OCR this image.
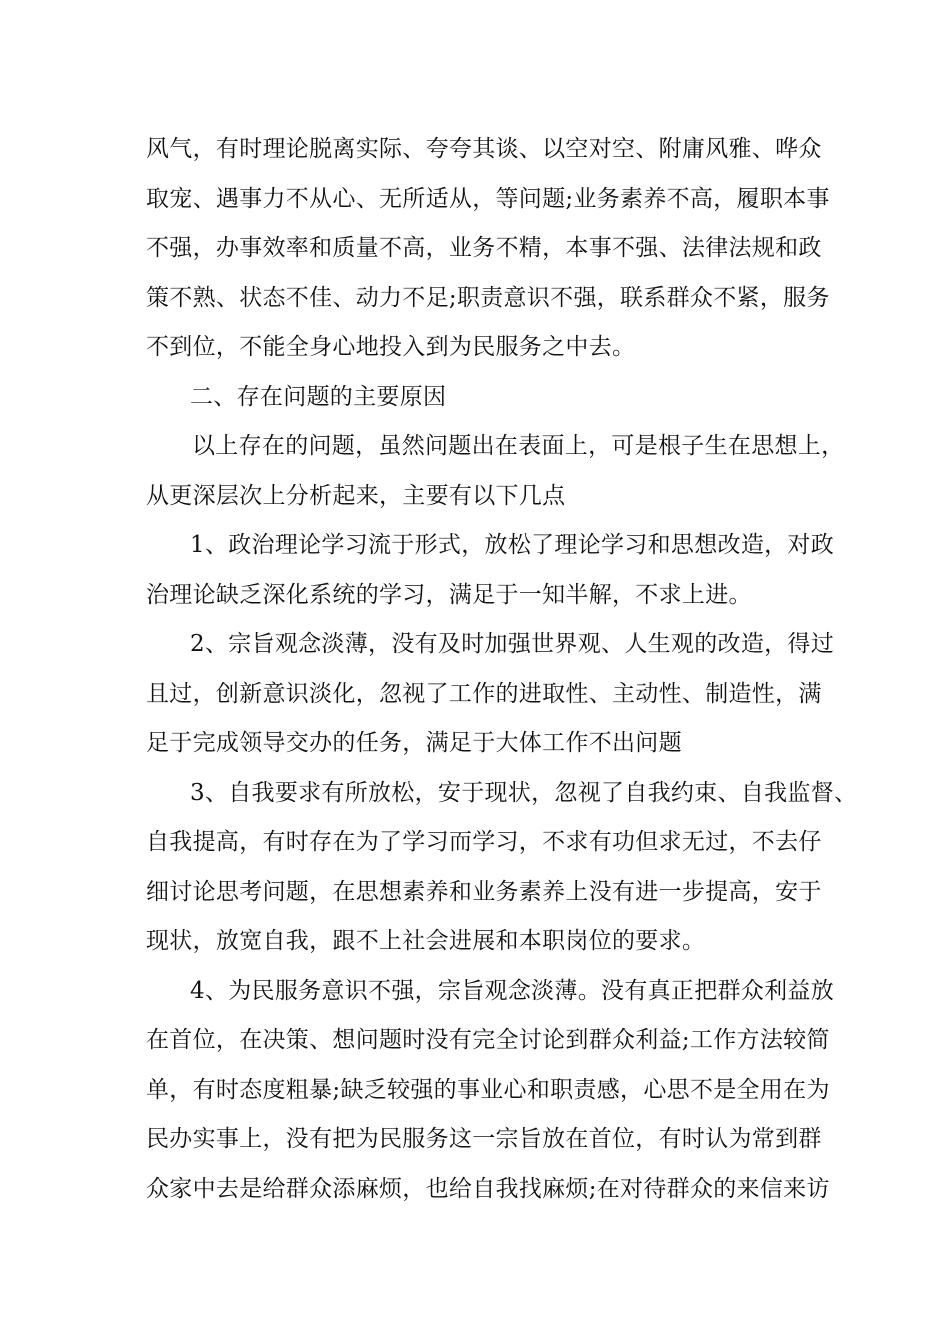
风气，有时理论脱离实际、夸夸其谈、以空对空、附庸风雅、哗众
取宠、遇事力不从心、无所适从，等问题;业务素养不高，履职本事
不强，办事效率和质量不高，业务不精，本事不强、法律法规和政
策不熟、状态不佳、动力不足;职责意识不强，联系群众不紧，服务
不到位，不能全身心地投入到为民服务之中去。
二、存在问题的主要原因
以上存在的问题，虽然问题出在表面上，可是根子生在思想上，
从更深层次上分析起来，主要有以下几点
1、政治理论学习流于形式，放松了理论学习和思想改造，对政
治理论缺乏深化系统的学习，满足于一知半解，不求上进。
2、宗旨观念淡薄，没有及时加强世界观、人生观的改造，得过
且过，创新意识淡化，忽视了工作的进取性、主动性、制造性，满
足于完成领导交办的任务，满足于大体工作不出问题
3、自我要求有所放松，安于现状，忽视了自我约束、自我监督、
自我提高，有时存在为了学习而学习，不求有功但求无过，不去仔
细讨论思考问题，在思想素养和业务素养上没有进一步提高，安于
现状，放宽自我，跟不上社会进展和本职岗位的要求。
4、为民服务意识不强，宗旨观念淡薄。没有真正把群众利益放
在首位，在决策、想问题时没有完全讨论到群众利益;工作方法较简
单，有时态度粗暴;缺乏较强的事业心和职责感，心思不是全用在为
民办实事上，没有把为民服务这一宗旨放在首位，有时认为常到群
众家中去是给群众添麻烦，也给自我找麻烦;在对待群众的来信来访
